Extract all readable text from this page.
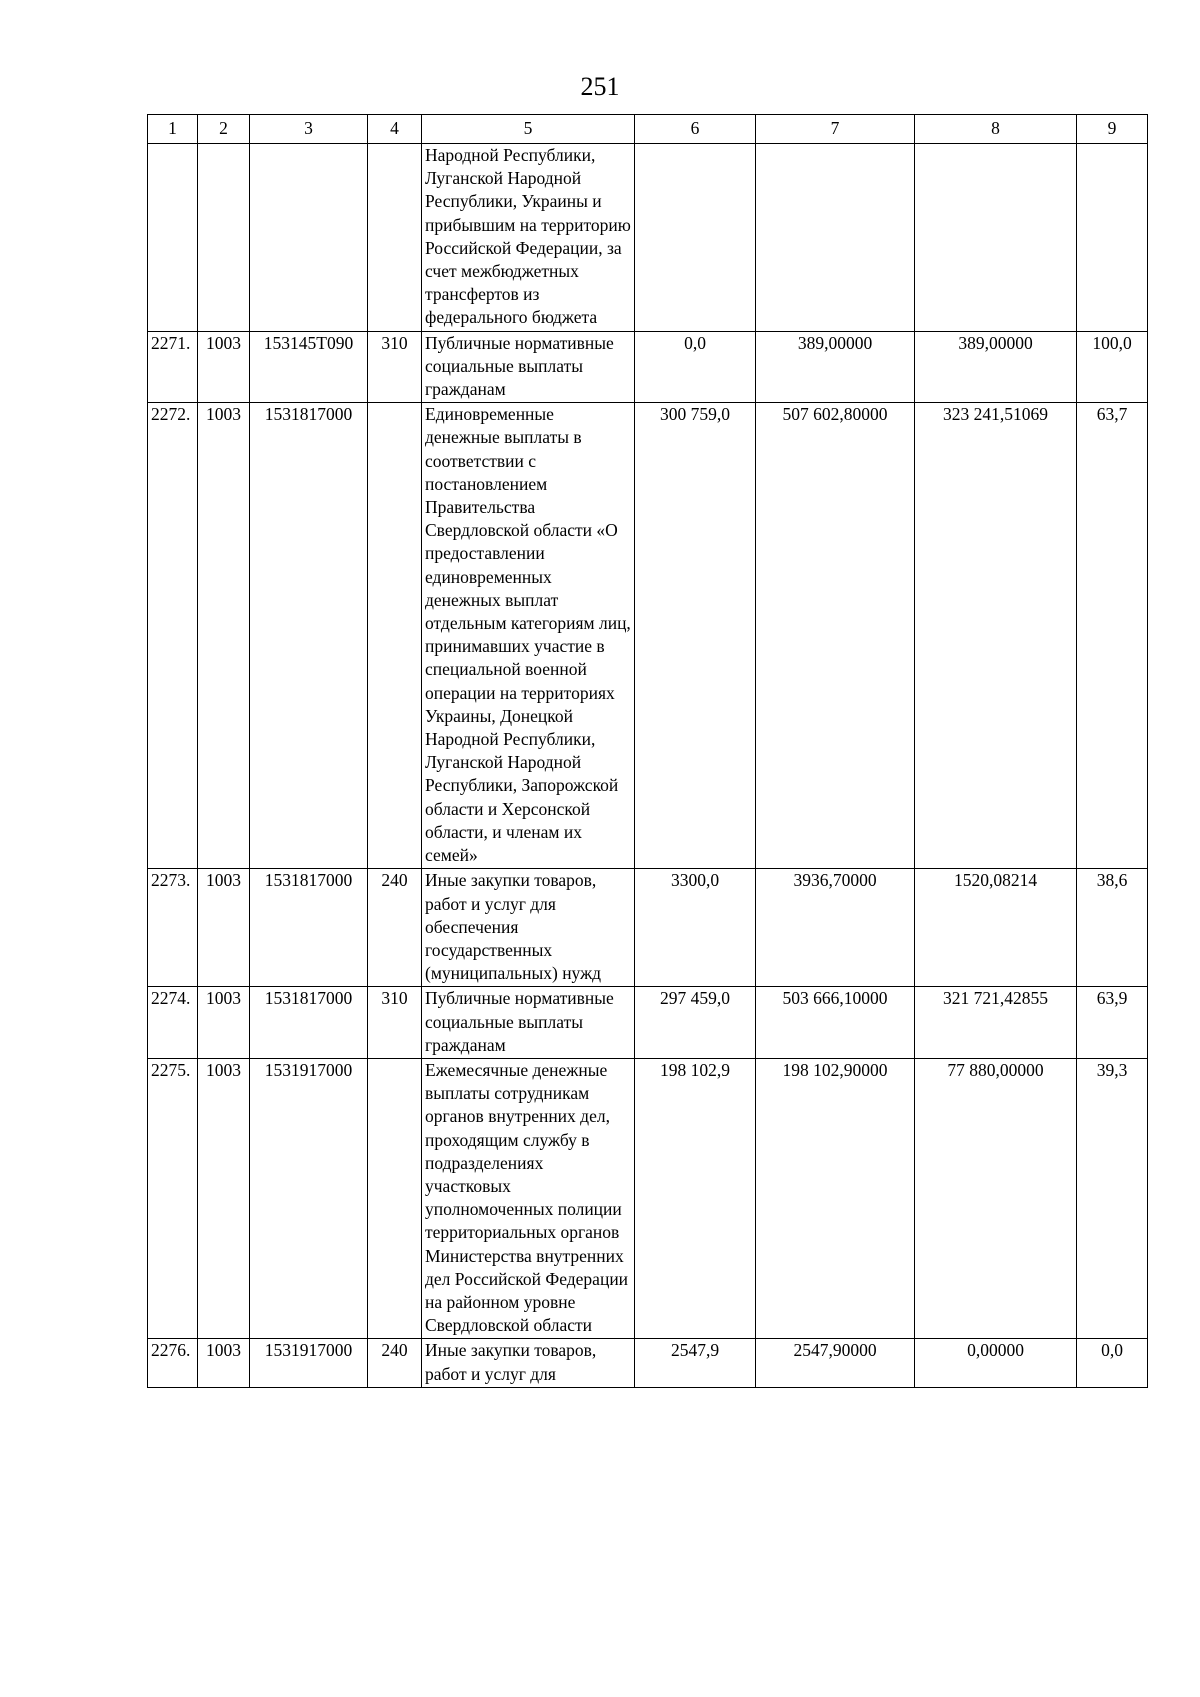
251
1	2	3	4	5	6	7	8	9
				Народной Республики, Луганской Народной Республики, Украины и прибывшим на территорию Российской Федерации, за счет межбюджетных трансфертов из федерального бюджета				
2271.	1003	153145Т090	310	Публичные нормативные социальные выплаты гражданам	0,0	389,00000	389,00000	100,0
2272.	1003	1531817000		Единовременные денежные выплаты в соответствии с постановлением Правительства Свердловской области «О предоставлении единовременных денежных выплат отдельным категориям лиц, принимавших участие в специальной военной операции на территориях Украины, Донецкой Народной Республики, Луганской Народной Республики, Запорожской области и Херсонской области, и членам их семей»	300 759,0	507 602,80000	323 241,51069	63,7
2273.	1003	1531817000	240	Иные закупки товаров, работ и услуг для обеспечения государственных (муниципальных) нужд	3300,0	3936,70000	1520,08214	38,6
2274.	1003	1531817000	310	Публичные нормативные социальные выплаты гражданам	297 459,0	503 666,10000	321 721,42855	63,9
2275.	1003	1531917000		Ежемесячные денежные выплаты сотрудникам органов внутренних дел, проходящим службу в подразделениях участковых уполномоченных полиции территориальных органов Министерства внутренних дел Российской Федерации на районном уровне Свердловской области	198 102,9	198 102,90000	77 880,00000	39,3
2276.	1003	1531917000	240	Иные закупки товаров, работ и услуг для	2547,9	2547,90000	0,00000	0,0
